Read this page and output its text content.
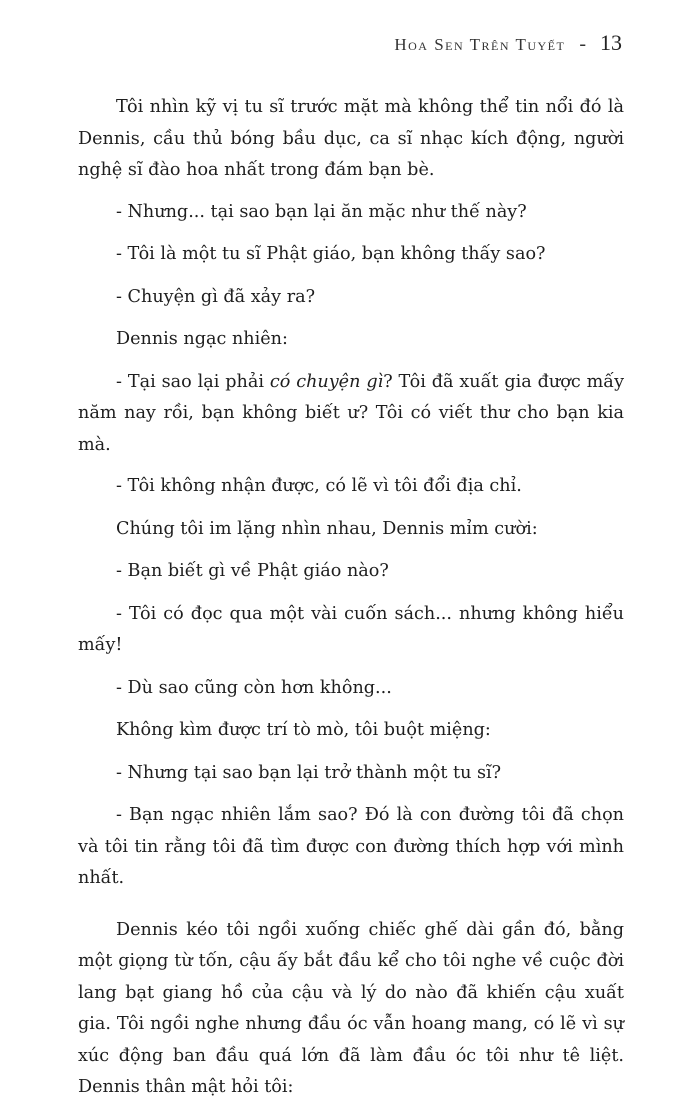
Hoa Sen Trên Tuyết - 13

Tôi nhìn kỹ vị tu sĩ trước mặt mà không thể tin nổi đó là Dennis, cầu thủ bóng bầu dục, ca sĩ nhạc kích động, người nghệ sĩ đào hoa nhất trong đám bạn bè.

- Nhưng... tại sao bạn lại ăn mặc như thế này?

- Tôi là một tu sĩ Phật giáo, bạn không thấy sao?

- Chuyện gì đã xảy ra?

Dennis ngạc nhiên:

- Tại sao lại phải có chuyện gì? Tôi đã xuất gia được mấy năm nay rồi, bạn không biết ư? Tôi có viết thư cho bạn kia mà.

- Tôi không nhận được, có lẽ vì tôi đổi địa chỉ.

Chúng tôi im lặng nhìn nhau, Dennis mỉm cười:

- Bạn biết gì về Phật giáo nào?

- Tôi có đọc qua một vài cuốn sách... nhưng không hiểu mấy!

- Dù sao cũng còn hơn không...

Không kìm được trí tò mò, tôi buột miệng:

- Nhưng tại sao bạn lại trở thành một tu sĩ?

- Bạn ngạc nhiên lắm sao? Đó là con đường tôi đã chọn và tôi tin rằng tôi đã tìm được con đường thích hợp với mình nhất.

Dennis kéo tôi ngồi xuống chiếc ghế dài gần đó, bằng một giọng từ tốn, cậu ấy bắt đầu kể cho tôi nghe về cuộc đời lang bạt giang hồ của cậu và lý do nào đã khiến cậu xuất gia. Tôi ngồi nghe nhưng đầu óc vẫn hoang mang, có lẽ vì sự xúc động ban đầu quá lớn đã làm đầu óc tôi như tê liệt. Dennis thân mật hỏi tôi:
